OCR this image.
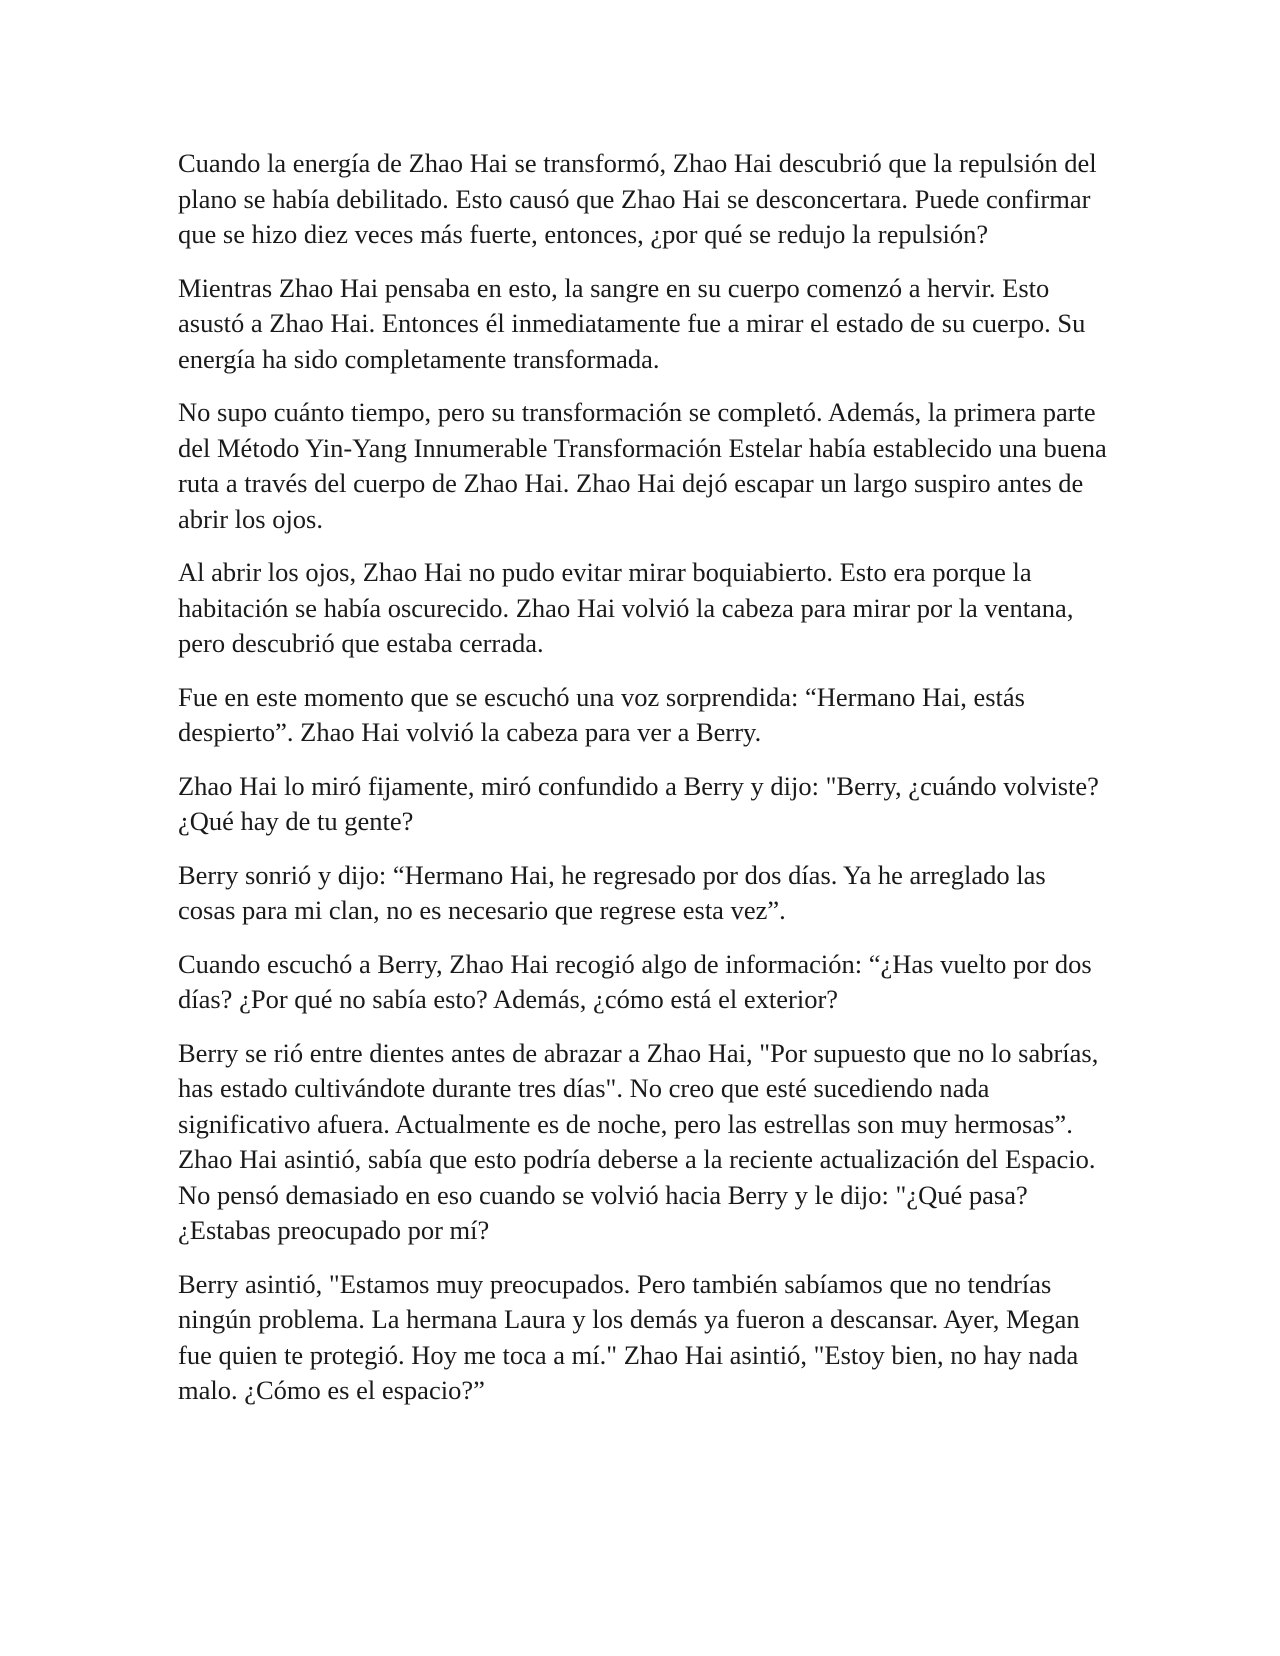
Cuando la energía de Zhao Hai se transformó, Zhao Hai descubrió que la repulsión del plano se había debilitado. Esto causó que Zhao Hai se desconcertara. Puede confirmar que se hizo diez veces más fuerte, entonces, ¿por qué se redujo la repulsión?

Mientras Zhao Hai pensaba en esto, la sangre en su cuerpo comenzó a hervir. Esto asustó a Zhao Hai. Entonces él inmediatamente fue a mirar el estado de su cuerpo. Su energía ha sido completamente transformada.

No supo cuánto tiempo, pero su transformación se completó. Además, la primera parte del Método Yin-Yang Innumerable Transformación Estelar había establecido una buena ruta a través del cuerpo de Zhao Hai. Zhao Hai dejó escapar un largo suspiro antes de abrir los ojos.

Al abrir los ojos, Zhao Hai no pudo evitar mirar boquiabierto. Esto era porque la habitación se había oscurecido. Zhao Hai volvió la cabeza para mirar por la ventana, pero descubrió que estaba cerrada.

Fue en este momento que se escuchó una voz sorprendida: “Hermano Hai, estás despierto”. Zhao Hai volvió la cabeza para ver a Berry.

Zhao Hai lo miró fijamente, miró confundido a Berry y dijo: "Berry, ¿cuándo volviste? ¿Qué hay de tu gente?

Berry sonrió y dijo: “Hermano Hai, he regresado por dos días. Ya he arreglado las cosas para mi clan, no es necesario que regrese esta vez”.

Cuando escuchó a Berry, Zhao Hai recogió algo de información: “¿Has vuelto por dos días? ¿Por qué no sabía esto? Además, ¿cómo está el exterior?

Berry se rió entre dientes antes de abrazar a Zhao Hai, "Por supuesto que no lo sabrías, has estado cultivándote durante tres días". No creo que esté sucediendo nada significativo afuera. Actualmente es de noche, pero las estrellas son muy hermosas”. Zhao Hai asintió, sabía que esto podría deberse a la reciente actualización del Espacio. No pensó demasiado en eso cuando se volvió hacia Berry y le dijo: "¿Qué pasa? ¿Estabas preocupado por mí?

Berry asintió, "Estamos muy preocupados. Pero también sabíamos que no tendrías ningún problema. La hermana Laura y los demás ya fueron a descansar. Ayer, Megan fue quien te protegió. Hoy me toca a mí." Zhao Hai asintió, "Estoy bien, no hay nada malo. ¿Cómo es el espacio?”
